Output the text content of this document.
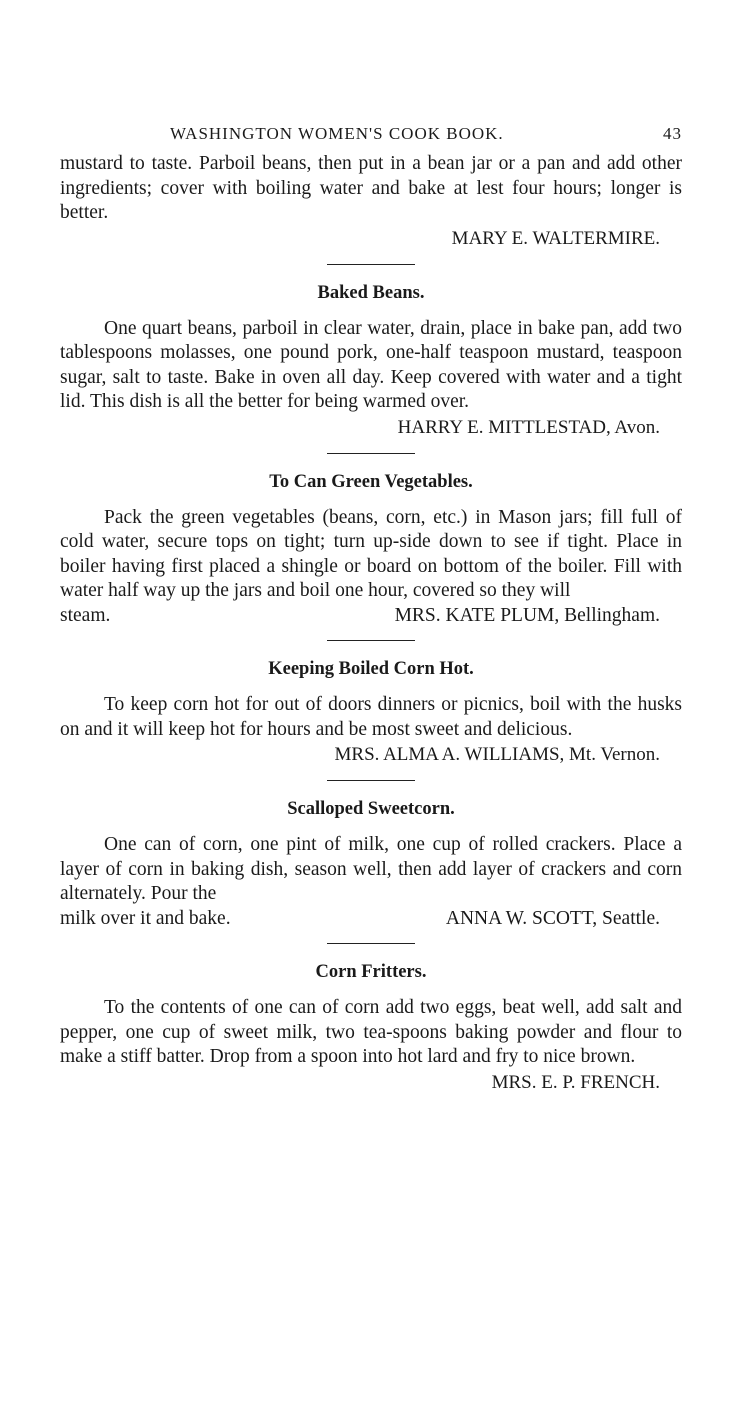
WASHINGTON WOMEN'S COOK BOOK.	43

mustard to taste. Parboil beans, then put in a bean jar or a pan and add other ingredients; cover with boiling water and bake at lest four hours; longer is better.

MARY E. WALTERMIRE.
Baked Beans.

One quart beans, parboil in clear water, drain, place in bake pan, add two tablespoons molasses, one pound pork, one-half teaspoon mustard, teaspoon sugar, salt to taste. Bake in oven all day. Keep covered with water and a tight lid. This dish is all the better for being warmed over.

HARRY E. MITTLESTAD, Avon.
To Can Green Vegetables.

Pack the green vegetables (beans, corn, etc.) in Mason jars; fill full of cold water, secure tops on tight; turn up-side down to see if tight. Place in boiler having first placed a shingle or board on bottom of the boiler. Fill with water half way up the jars and boil one hour, covered so they will

steam.	MRS. KATE PLUM, Bellingham.

Keeping Boiled Corn Hot.

To keep corn hot for out of doors dinners or picnics, boil with the husks on and it will keep hot for hours and be most sweet and delicious.

MRS. ALMA A. WILLIAMS, Mt. Vernon.
Scalloped Sweetcorn.

One can of corn, one pint of milk, one cup of rolled crackers. Place a layer of corn in baking dish, season well, then add layer of crackers and corn alternately. Pour the

milk over it and bake.	ANNA W. SCOTT, Seattle.

Corn Fritters.

To the contents of one can of corn add two eggs, beat well, add salt and pepper, one cup of sweet milk, two tea-spoons baking powder and flour to make a stiff batter. Drop from a spoon into hot lard and fry to nice brown.

MRS. E. P. FRENCH.
